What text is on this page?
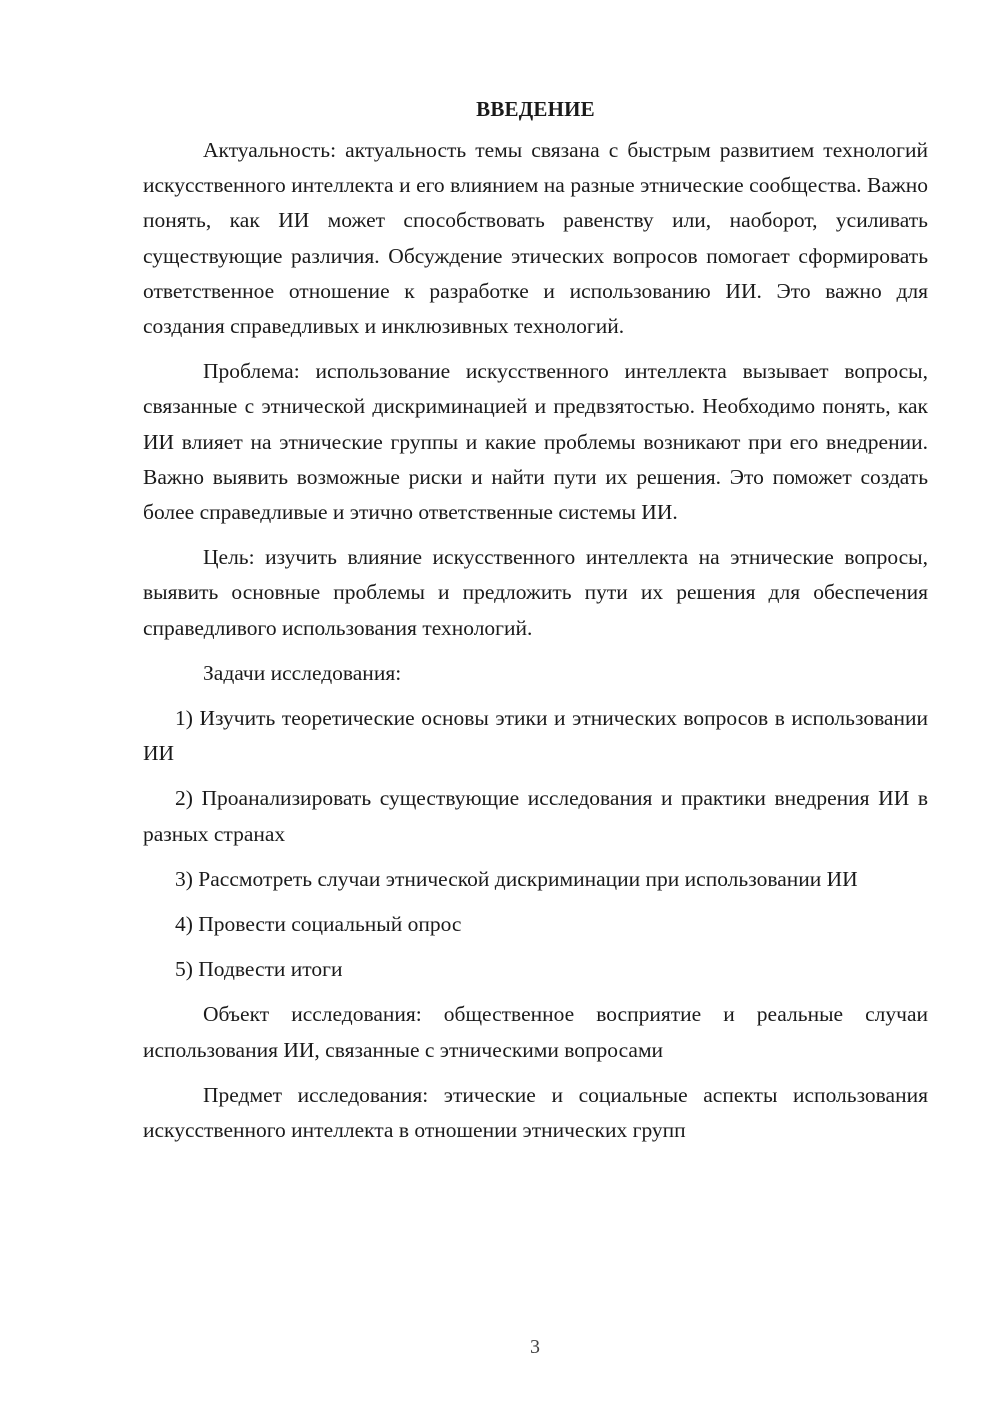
ВВЕДЕНИЕ

Актуальность: актуальность темы связана с быстрым развитием технологий искусственного интеллекта и его влиянием на разные этнические сообщества. Важно понять, как ИИ может способствовать равенству или, наоборот, усиливать существующие различия. Обсуждение этических вопросов помогает сформировать ответственное отношение к разработке и использованию ИИ. Это важно для создания справедливых и инклюзивных технологий.

Проблема: использование искусственного интеллекта вызывает вопросы, связанные с этнической дискриминацией и предвзятостью. Необходимо понять, как ИИ влияет на этнические группы и какие проблемы возникают при его внедрении. Важно выявить возможные риски и найти пути их решения. Это поможет создать более справедливые и этично ответственные системы ИИ.

Цель: изучить влияние искусственного интеллекта на этнические вопросы, выявить основные проблемы и предложить пути их решения для обеспечения справедливого использования технологий.

Задачи исследования:

1) Изучить теоретические основы этики и этнических вопросов в использовании ИИ

2) Проанализировать существующие исследования и практики внедрения ИИ в разных странах

3) Рассмотреть случаи этнической дискриминации при использовании ИИ

4) Провести социальный опрос

5) Подвести итоги

Объект исследования: общественное восприятие и реальные случаи использования ИИ, связанные с этническими вопросами

Предмет исследования: этические и социальные аспекты использования искусственного интеллекта в отношении этнических групп

3
